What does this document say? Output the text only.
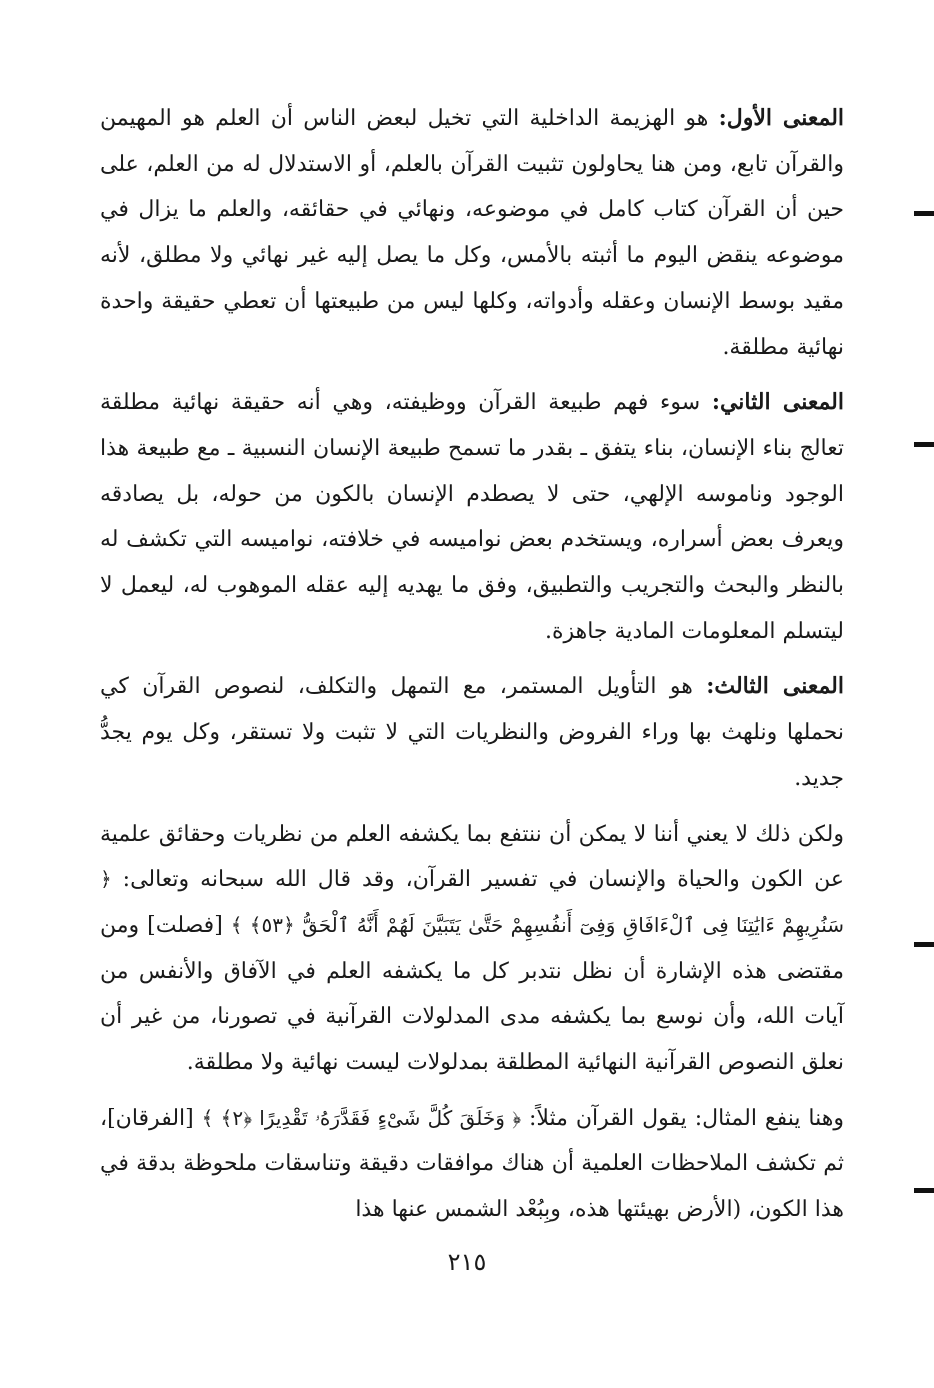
المعنى الأول: هو الهزيمة الداخلية التي تخيل لبعض الناس أن العلم هو المهيمن والقرآن تابع، ومن هنا يحاولون تثبيت القرآن بالعلم، أو الاستدلال له من العلم، على حين أن القرآن كتاب كامل في موضوعه، ونهائي في حقائقه، والعلم ما يزال في موضوعه ينقض اليوم ما أثبته بالأمس، وكل ما يصل إليه غير نهائي ولا مطلق، لأنه مقيد بوسط الإنسان وعقله وأدواته، وكلها ليس من طبيعتها أن تعطي حقيقة واحدة نهائية مطلقة.

المعنى الثاني: سوء فهم طبيعة القرآن ووظيفته، وهي أنه حقيقة نهائية مطلقة تعالج بناء الإنسان، بناء يتفق ـ بقدر ما تسمح طبيعة الإنسان النسبية ـ مع طبيعة هذا الوجود وناموسه الإلهي، حتى لا يصطدم الإنسان بالكون من حوله، بل يصادقه ويعرف بعض أسراره، ويستخدم بعض نواميسه في خلافته، نواميسه التي تكشف له بالنظر والبحث والتجريب والتطبيق، وفق ما يهديه إليه عقله الموهوب له، ليعمل لا ليتسلم المعلومات المادية جاهزة.

المعنى الثالث: هو التأويل المستمر، مع التمهل والتكلف، لنصوص القرآن كي نحملها ونلهث بها وراء الفروض والنظريات التي لا تثبت ولا تستقر، وكل يوم يجدُّ جديد.

ولكن ذلك لا يعني أننا لا يمكن أن ننتفع بما يكشفه العلم من نظريات وحقائق علمية عن الكون والحياة والإنسان في تفسير القرآن، وقد قال الله سبحانه وتعالى: ﴿ سَنُرِيهِمْ ءَايَٰتِنَا فِى ٱلْءَافَاقِ وَفِىٓ أَنفُسِهِمْ حَتَّىٰ يَتَبَيَّنَ لَهُمْ أَنَّهُ ٱلْحَقُّ ﴿٥٣﴾ ﴾ [فصلت] ومن مقتضى هذه الإشارة أن نظل نتدبر كل ما يكشفه العلم في الآفاق والأنفس من آيات الله، وأن نوسع بما يكشفه مدى المدلولات القرآنية في تصورنا، من غير أن نعلق النصوص القرآنية النهائية المطلقة بمدلولات ليست نهائية ولا مطلقة.

وهنا ينفع المثال: يقول القرآن مثلاً: ﴿ وَخَلَقَ كُلَّ شَىْءٍ فَقَدَّرَهُۥ تَقْدِيرًا ﴿٢﴾ ﴾ [الفرقان]، ثم تكشف الملاحظات العلمية أن هناك موافقات دقيقة وتناسقات ملحوظة بدقة في هذا الكون، (الأرض بهيئتها هذه، وبِبُعْد الشمس عنها هذا

٢١٥
